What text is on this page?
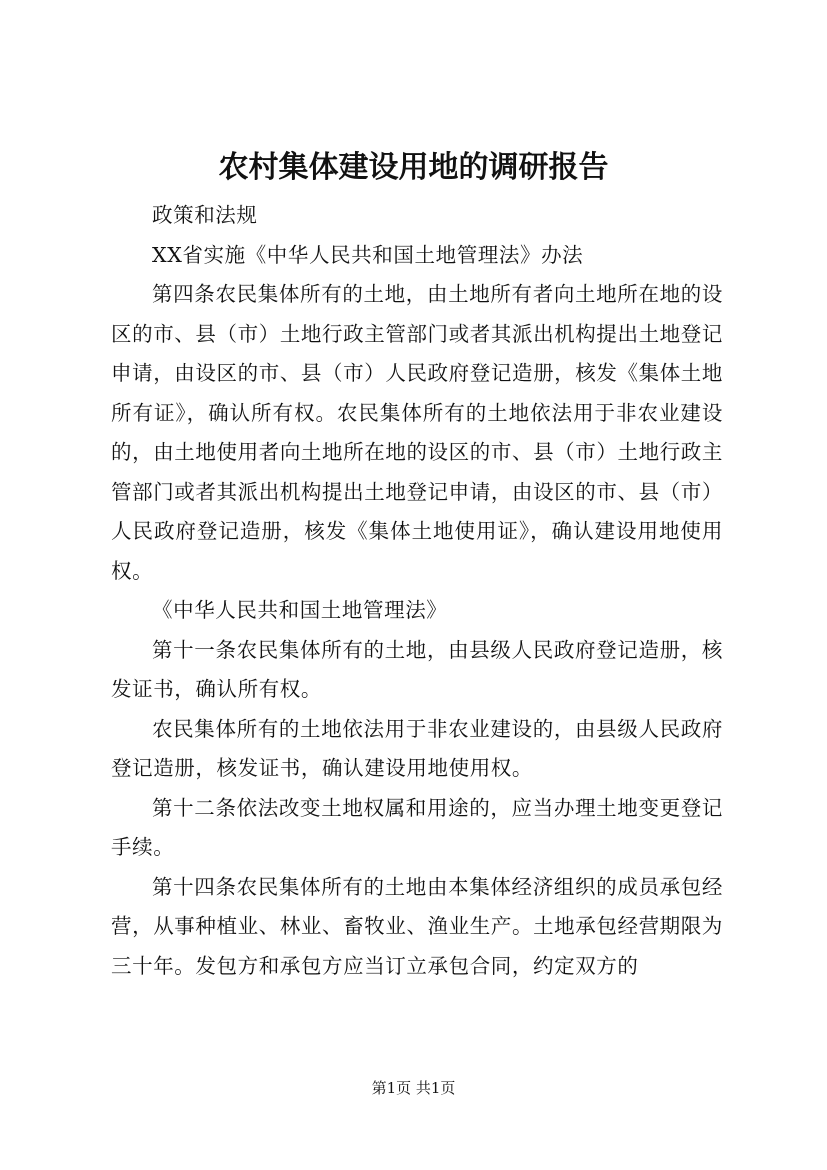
农村集体建设用地的调研报告

政策和法规

XX省实施《中华人民共和国土地管理法》办法

第四条农民集体所有的土地，由土地所有者向土地所在地的设区的市、县（市）土地行政主管部门或者其派出机构提出土地登记申请，由设区的市、县（市）人民政府登记造册，核发《集体土地所有证》，确认所有权。农民集体所有的土地依法用于非农业建设的，由土地使用者向土地所在地的设区的市、县（市）土地行政主管部门或者其派出机构提出土地登记申请，由设区的市、县（市）人民政府登记造册，核发《集体土地使用证》，确认建设用地使用权。

《中华人民共和国土地管理法》

第十一条农民集体所有的土地，由县级人民政府登记造册，核发证书，确认所有权。

农民集体所有的土地依法用于非农业建设的，由县级人民政府登记造册，核发证书，确认建设用地使用权。

第十二条依法改变土地权属和用途的，应当办理土地变更登记手续。

第十四条农民集体所有的土地由本集体经济组织的成员承包经营，从事种植业、林业、畜牧业、渔业生产。土地承包经营期限为三十年。发包方和承包方应当订立承包合同，约定双方的

第1页 共1页
